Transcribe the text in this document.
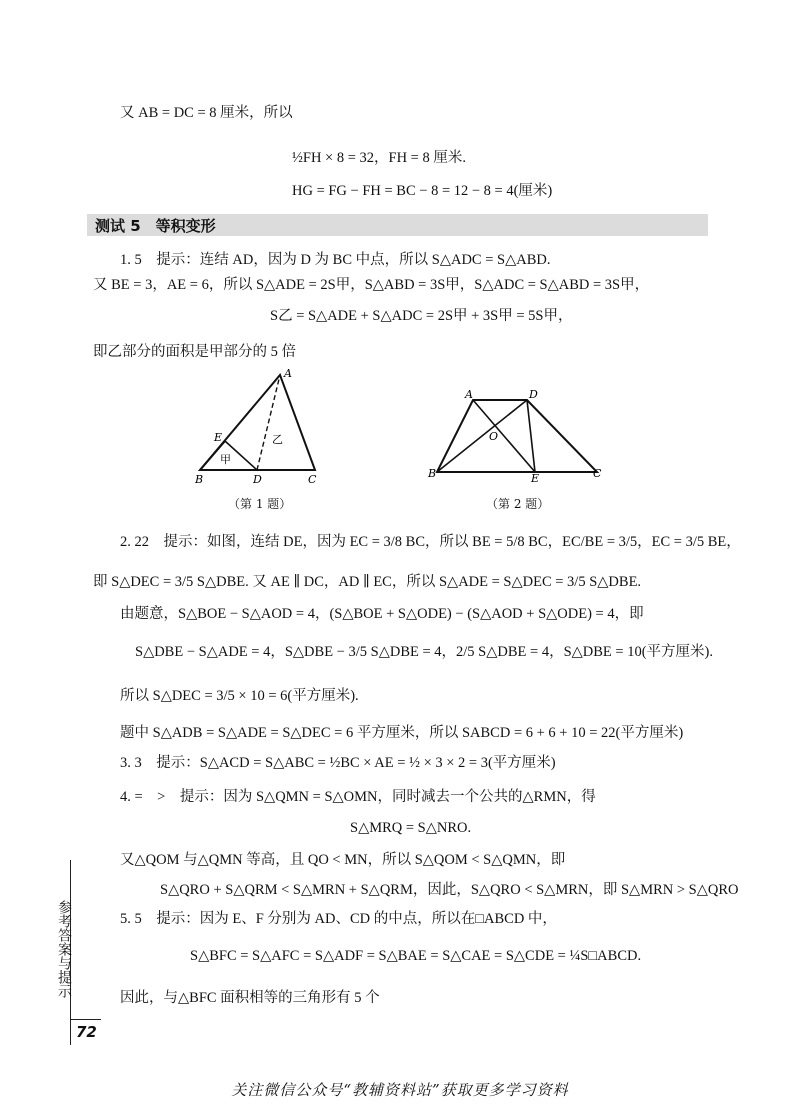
又 AB = DC = 8 厘米，所以
½FH × 8 = 32，FH = 8 厘米.
HG = FG − FH = BC − 8 = 12 − 8 = 4(厘米)
测试 5　等积变形
1. 5　提示：连结 AD，因为 D 为 BC 中点，所以 S△ADC = S△ABD.
又 BE = 3，AE = 6，所以 S△ADE = 2S甲，S△ABD = 3S甲，S△ADC = S△ABD = 3S甲，
S乙 = S△ADE + S△ADC = 2S甲 + 3S甲 = 5S甲，
即乙部分的面积是甲部分的 5 倍
A
E
B	D	C
甲
乙
（第 1 题）
A	D
O
B	E	C
（第 2 题）
2. 22　提示：如图，连结 DE，因为 EC = 3/8 BC，所以 BE = 5/8 BC，EC/BE = 3/5，EC = 3/5 BE，
即 S△DEC = 3/5 S△DBE. 又 AE ∥ DC，AD ∥ EC，所以 S△ADE = S△DEC = 3/5 S△DBE.
由题意，S△BOE − S△AOD = 4，(S△BOE + S△ODE) − (S△AOD + S△ODE) = 4，即
S△DBE − S△ADE = 4，S△DBE − 3/5 S△DBE = 4，2/5 S△DBE = 4，S△DBE = 10(平方厘米).
所以 S△DEC = 3/5 × 10 = 6(平方厘米).
题中 S△ADB = S△ADE = S△DEC = 6 平方厘米，所以 SABCD = 6 + 6 + 10 = 22(平方厘米)
3. 3　提示：S△ACD = S△ABC = ½BC × AE = ½ × 3 × 2 = 3(平方厘米)
4. =　>　提示：因为 S△QMN = S△OMN，同时减去一个公共的△RMN，得
S△MRQ = S△NRO.
又△QOM 与△QMN 等高，且 QO < MN，所以 S△QOM < S△QMN，即
S△QRO + S△QRM < S△MRN + S△QRM，因此，S△QRO < S△MRN，即 S△MRN > S△QRO
5. 5　提示：因为 E、F 分别为 AD、CD 的中点，所以在□ABCD 中，
S△BFC = S△AFC = S△ADF = S△BAE = S△CAE = S△CDE = ¼S□ABCD.
因此，与△BFC 面积相等的三角形有 5 个
参考答案与提示
72
关注微信公众号“教辅资料站”获取更多学习资料
